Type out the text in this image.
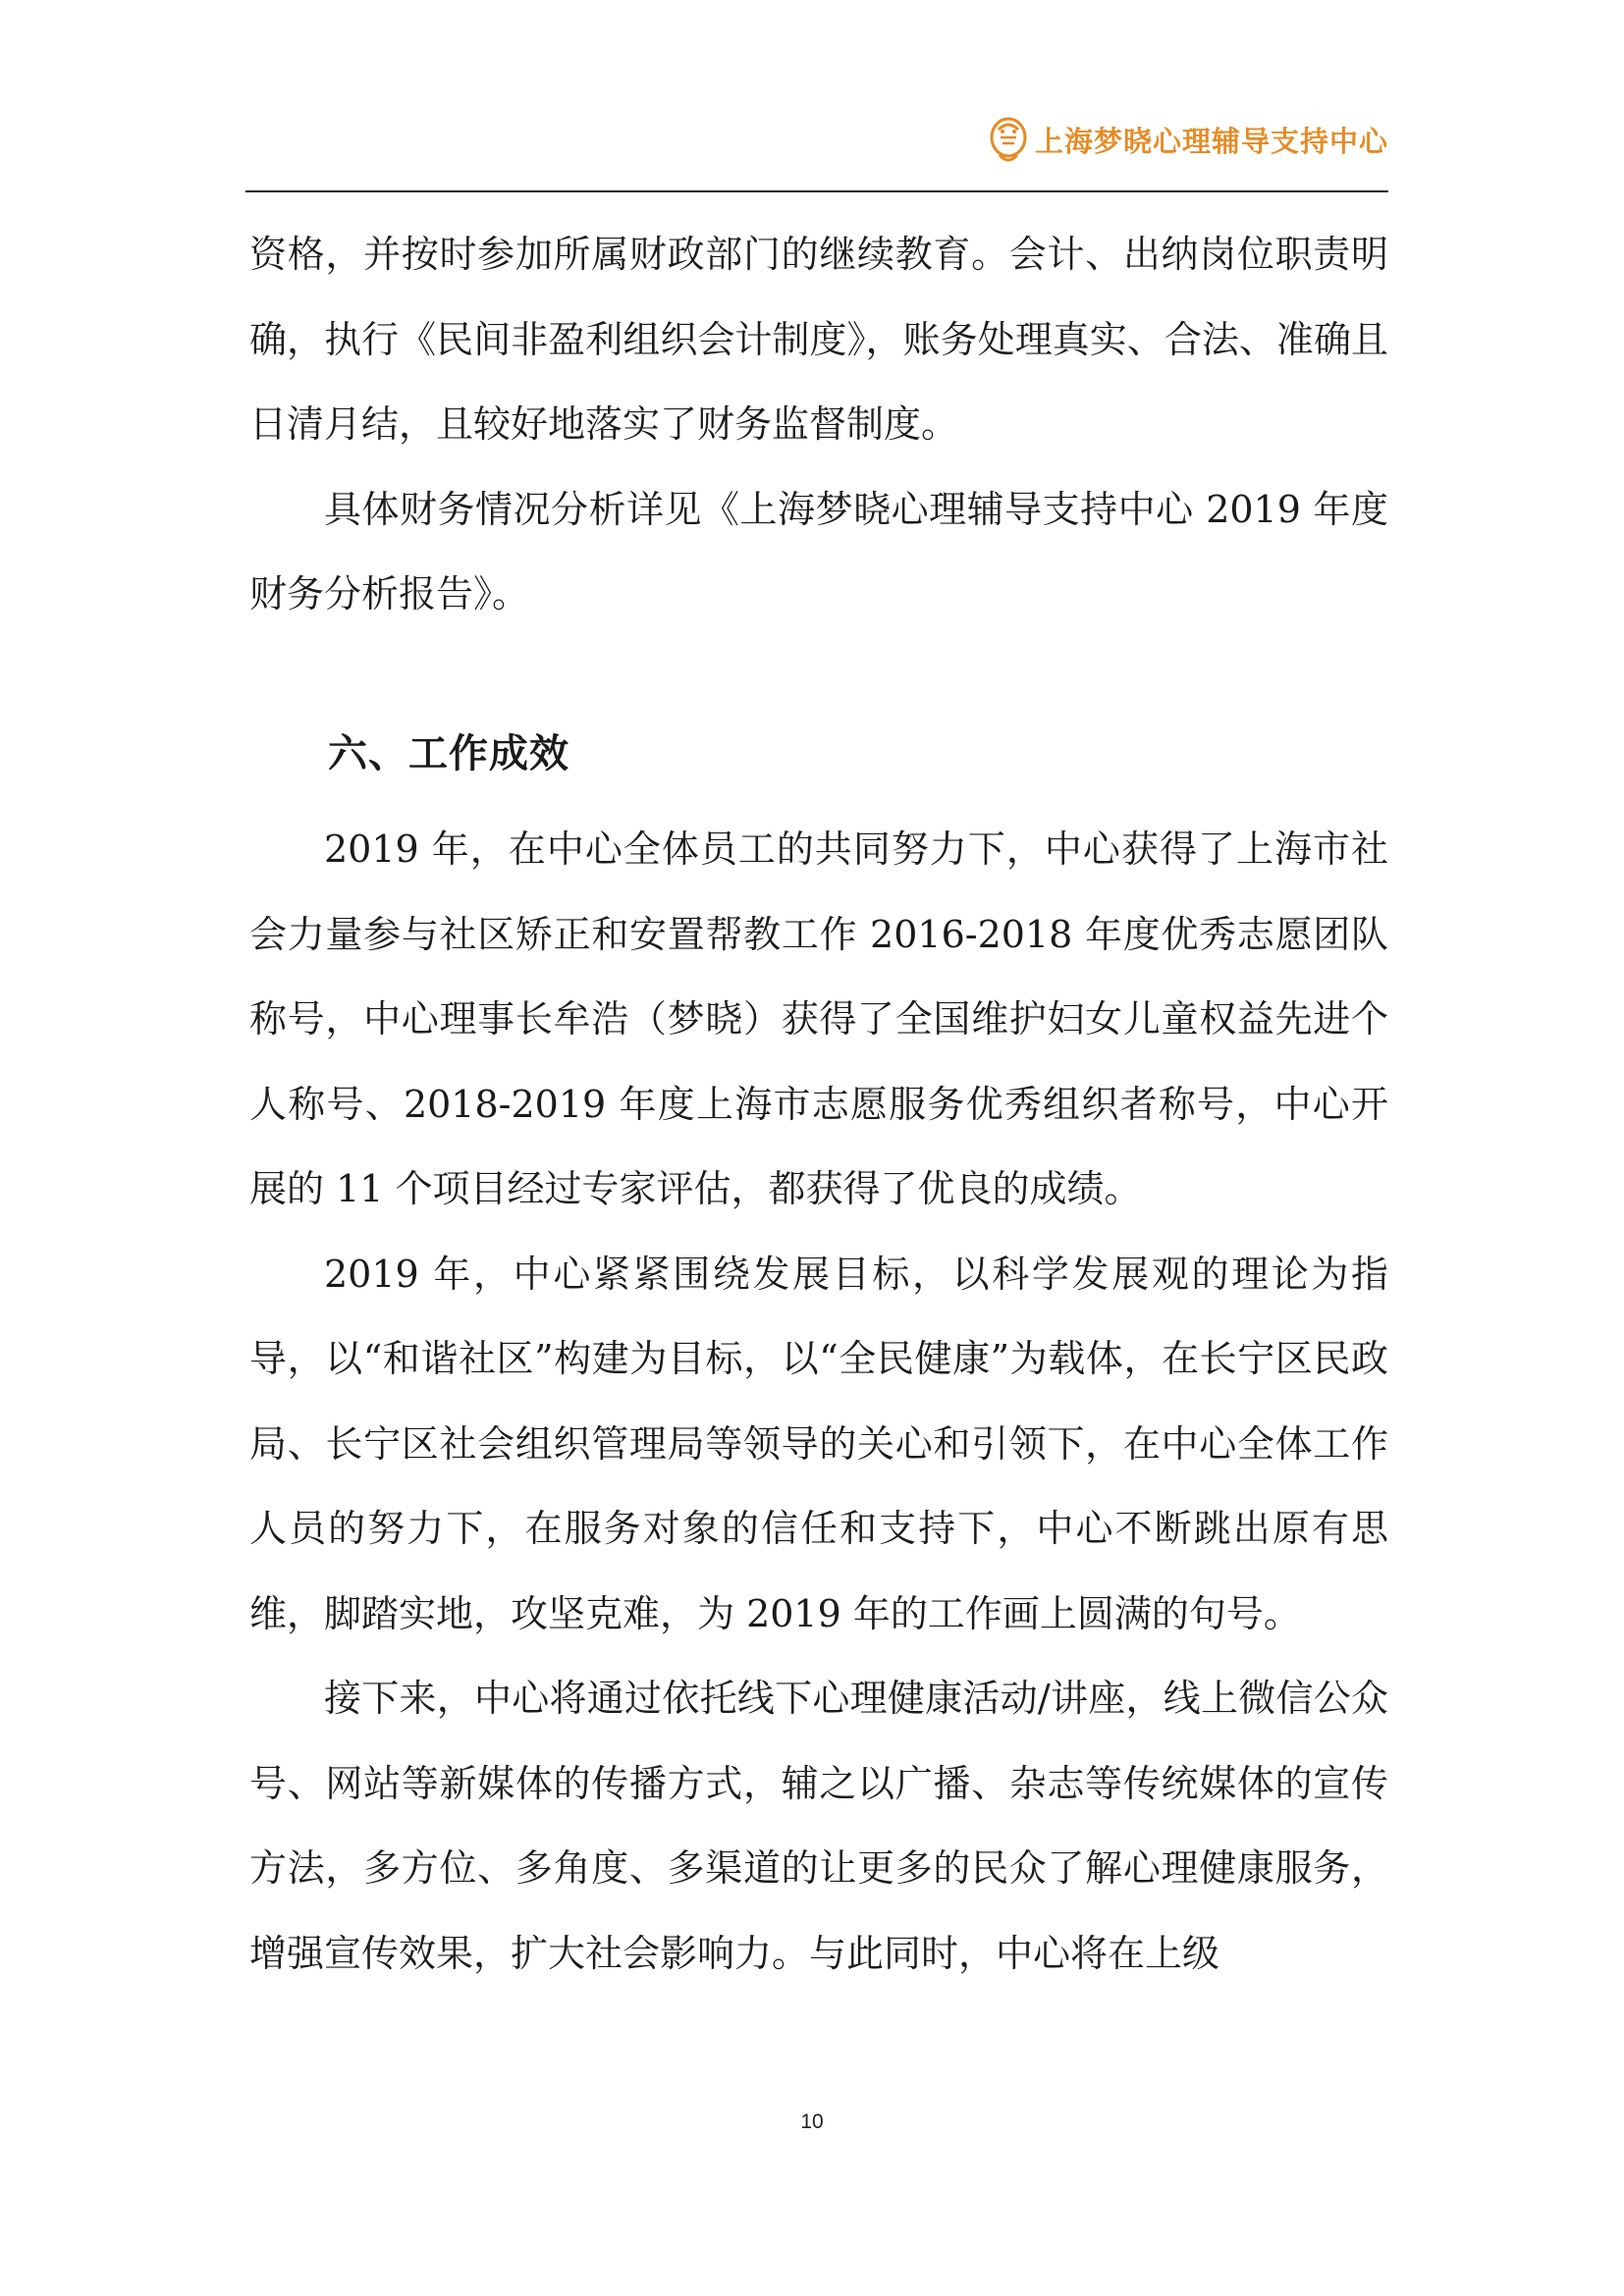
上海梦晓心理辅导支持中心

资格，并按时参加所属财政部门的继续教育。会计、出纳岗位职责明确，执行《民间非盈利组织会计制度》，账务处理真实、合法、准确且日清月结，且较好地落实了财务监督制度。

具体财务情况分析详见《上海梦晓心理辅导支持中心 2019 年度财务分析报告》。

六、工作成效

2019 年，在中心全体员工的共同努力下，中心获得了上海市社会力量参与社区矫正和安置帮教工作 2016-2018 年度优秀志愿团队称号，中心理事长牟浩（梦晓）获得了全国维护妇女儿童权益先进个人称号、2018-2019 年度上海市志愿服务优秀组织者称号，中心开展的 11 个项目经过专家评估，都获得了优良的成绩。

2019 年，中心紧紧围绕发展目标，以科学发展观的理论为指导，以“和谐社区”构建为目标，以“全民健康”为载体，在长宁区民政局、长宁区社会组织管理局等领导的关心和引领下，在中心全体工作人员的努力下，在服务对象的信任和支持下，中心不断跳出原有思维，脚踏实地，攻坚克难，为 2019 年的工作画上圆满的句号。

接下来，中心将通过依托线下心理健康活动/讲座，线上微信公众号、网站等新媒体的传播方式，辅之以广播、杂志等传统媒体的宣传方法，多方位、多角度、多渠道的让更多的民众了解心理健康服务，增强宣传效果，扩大社会影响力。与此同时，中心将在上级

10
